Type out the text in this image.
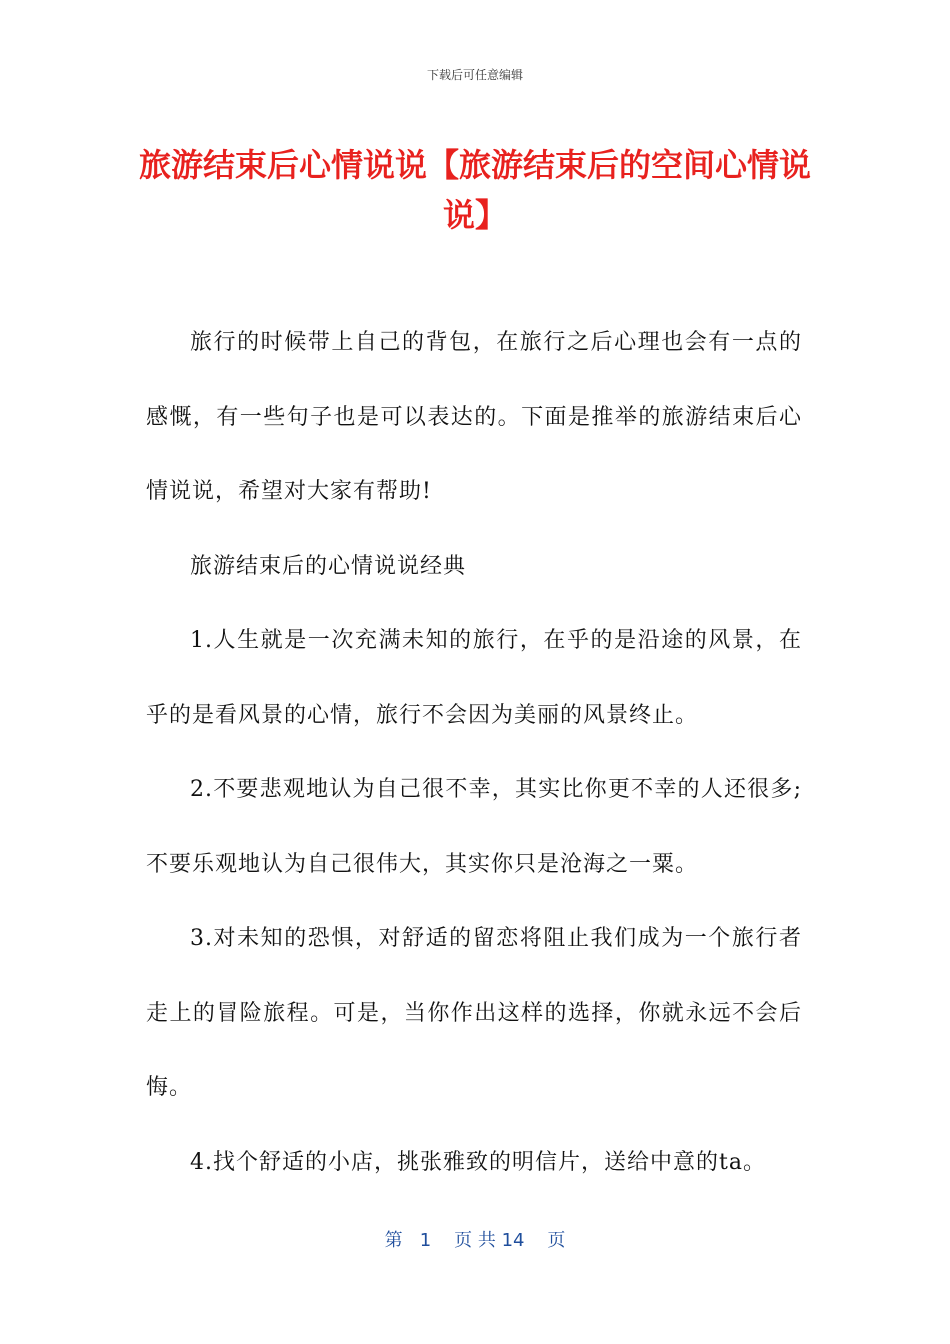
下载后可任意编辑
旅游结束后心情说说【旅游结束后的空间心情说说】

旅行的时候带上自己的背包，在旅行之后心理也会有一点的感慨，有一些句子也是可以表达的。下面是推举的旅游结束后心情说说，希望对大家有帮助!

旅游结束后的心情说说经典

1.人生就是一次充满未知的旅行，在乎的是沿途的风景，在乎的是看风景的心情，旅行不会因为美丽的风景终止。

2.不要悲观地认为自己很不幸，其实比你更不幸的人还很多;不要乐观地认为自己很伟大，其实你只是沧海之一粟。

3.对未知的恐惧，对舒适的留恋将阻止我们成为一个旅行者走上的冒险旅程。可是，当你作出这样的选择，你就永远不会后悔。

4.找个舒适的小店，挑张雅致的明信片，送给中意的ta。

第 1 页 共 14 页
